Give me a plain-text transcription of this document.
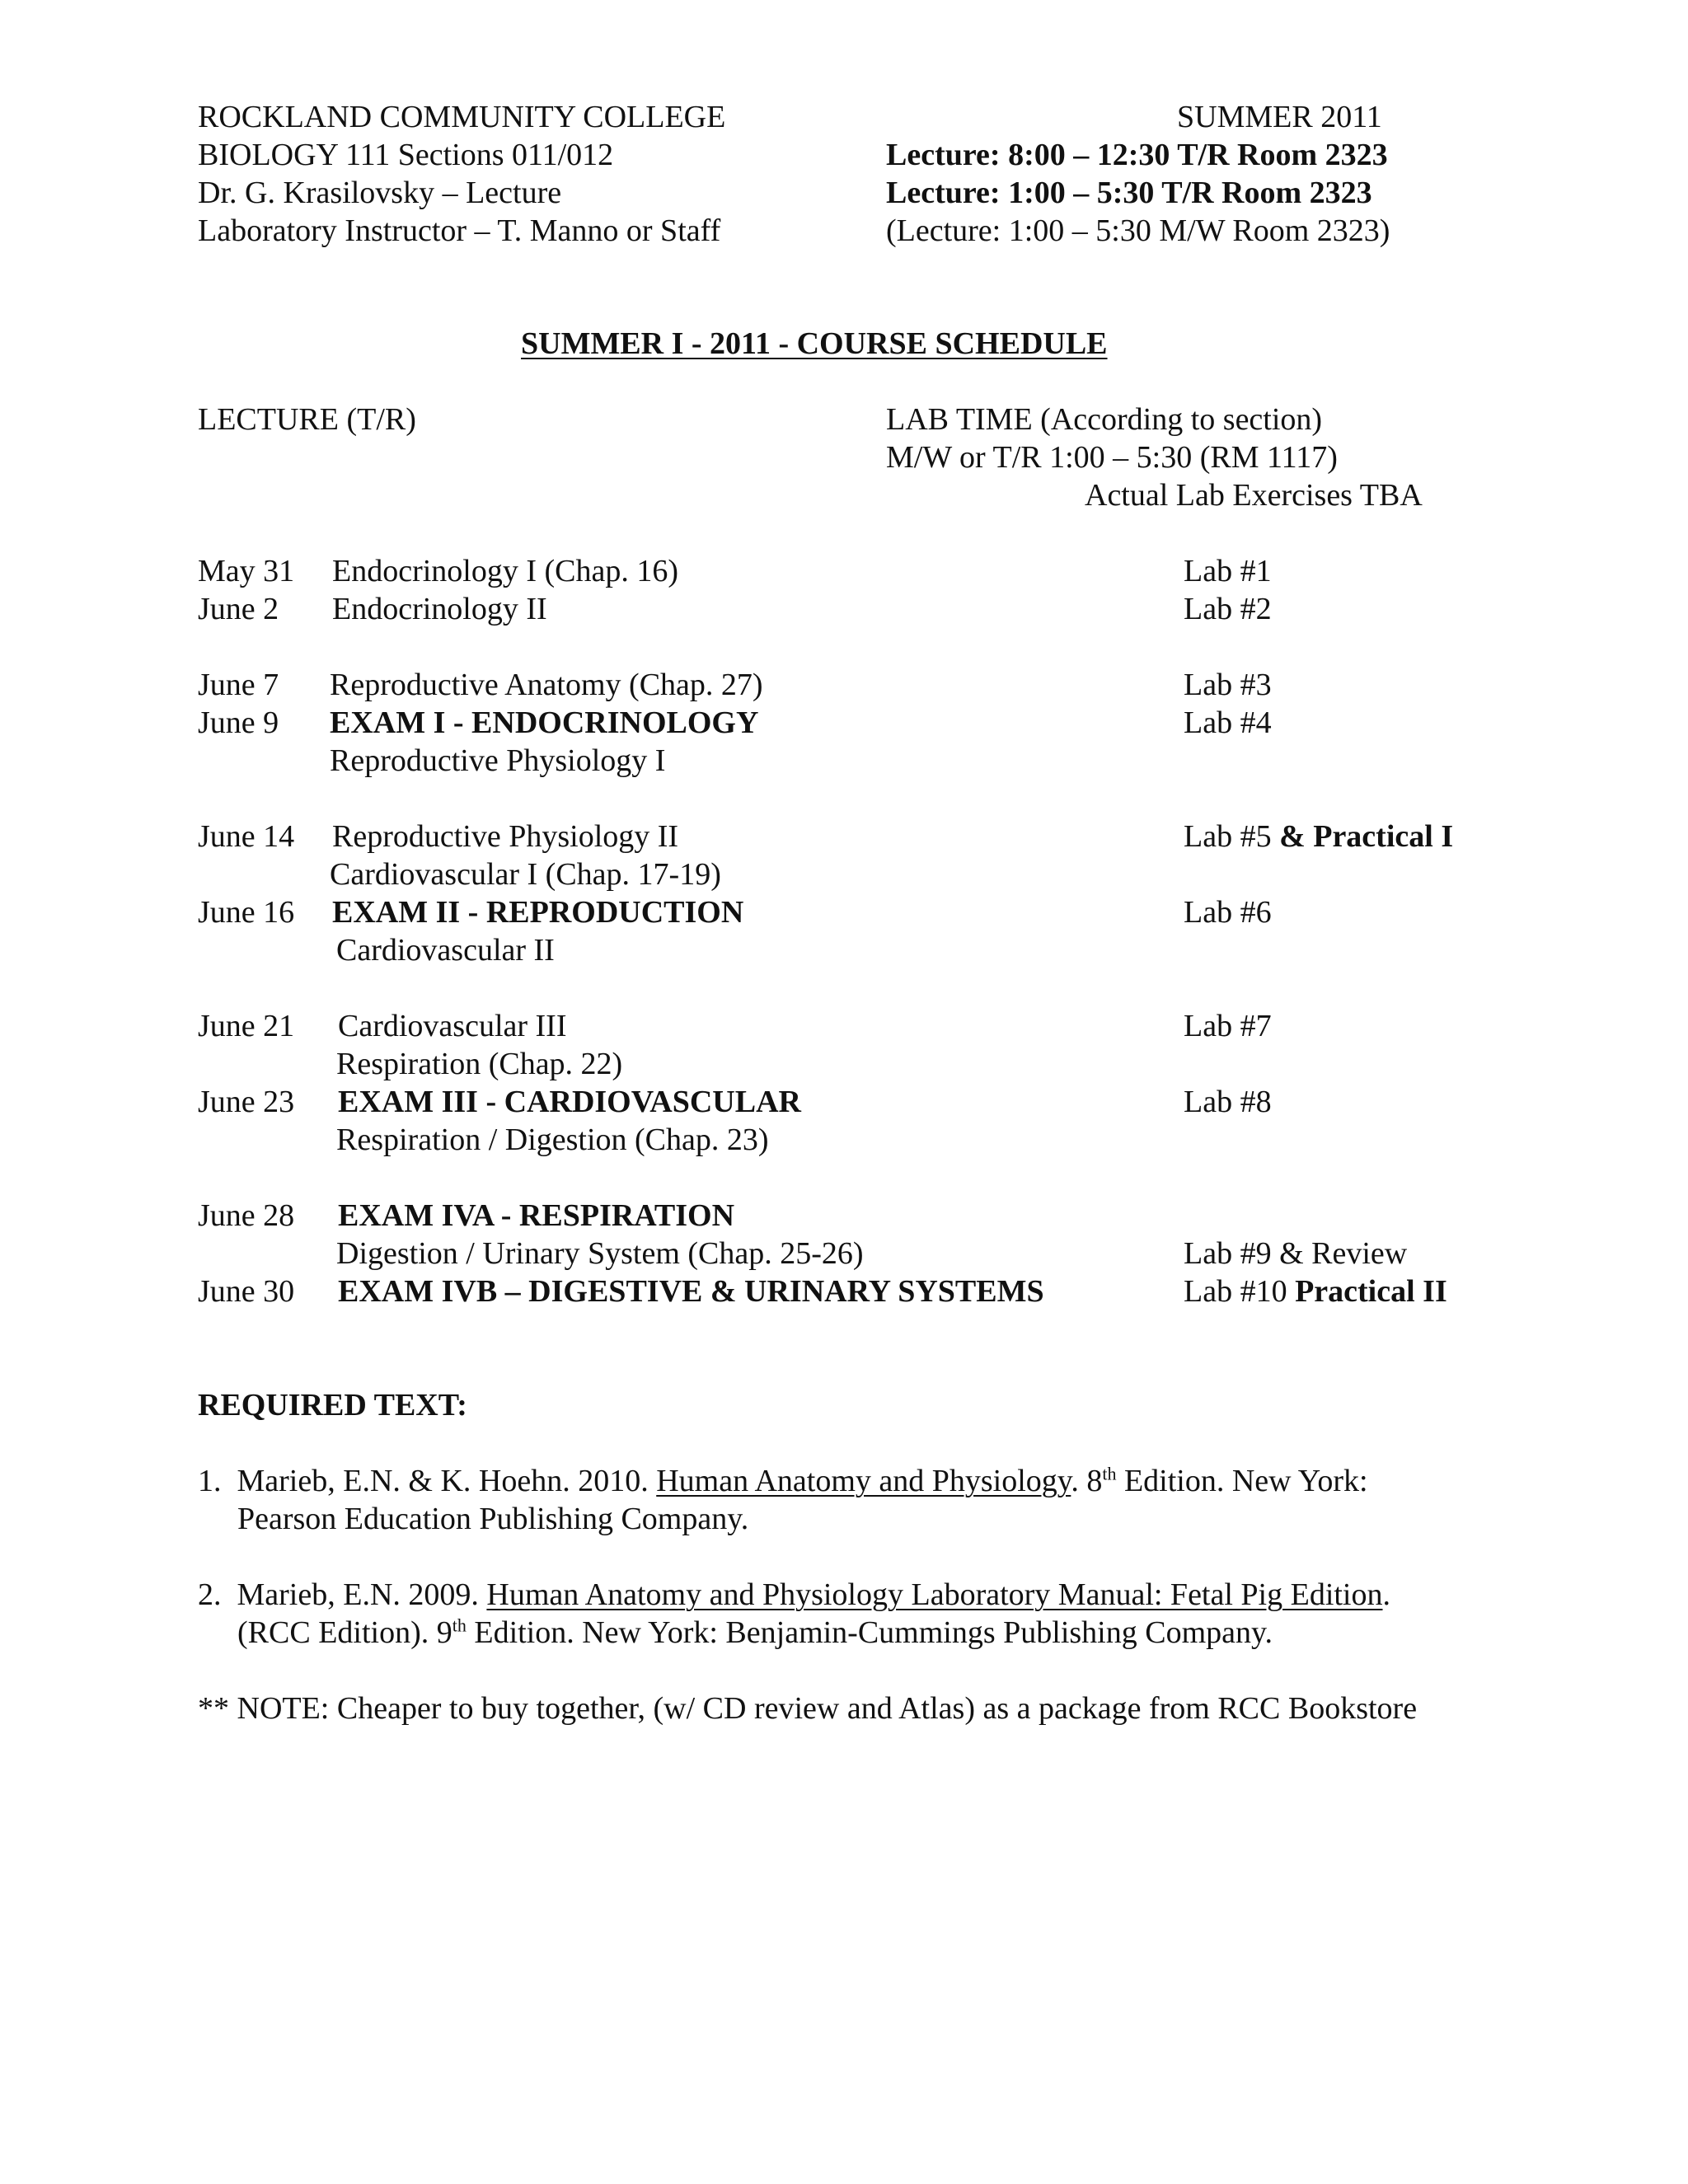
ROCKLAND COMMUNITY COLLEGE	SUMMER 2011
BIOLOGY 111 Sections 011/012	Lecture: 8:00 – 12:30 T/R Room 2323
Dr. G. Krasilovsky – Lecture	Lecture: 1:00 – 5:30 T/R Room 2323
Laboratory Instructor – T. Manno or Staff	(Lecture: 1:00 – 5:30 M/W Room 2323)
SUMMER I - 2011 - COURSE SCHEDULE
LECTURE (T/R)	LAB TIME (According to section)
M/W or T/R 1:00 – 5:30 (RM 1117)
Actual Lab Exercises TBA
May 31 Endocrinology I (Chap. 16)	Lab #1
June 2 Endocrinology II	Lab #2
June 7 Reproductive Anatomy (Chap. 27)	Lab #3
June 9 EXAM I - ENDOCRINOLOGY	Lab #4
Reproductive Physiology I
June 14 Reproductive Physiology II	Lab #5 & Practical I
Cardiovascular I (Chap. 17-19)
June 16 EXAM II - REPRODUCTION	Lab #6
Cardiovascular II
June 21 Cardiovascular III	Lab #7
Respiration (Chap. 22)
June 23 EXAM III - CARDIOVASCULAR	Lab #8
Respiration / Digestion (Chap. 23)
June 28 EXAM IVA - RESPIRATION
Digestion / Urinary System (Chap. 25-26)	Lab #9 & Review
June 30 EXAM IVB – DIGESTIVE & URINARY SYSTEMS	Lab #10 Practical II
REQUIRED TEXT:
1. Marieb, E.N. & K. Hoehn. 2010. Human Anatomy and Physiology. 8th Edition. New York:
Pearson Education Publishing Company.
2. Marieb, E.N. 2009. Human Anatomy and Physiology Laboratory Manual: Fetal Pig Edition.
(RCC Edition). 9th Edition. New York: Benjamin-Cummings Publishing Company.
** NOTE: Cheaper to buy together, (w/ CD review and Atlas) as a package from RCC Bookstore
